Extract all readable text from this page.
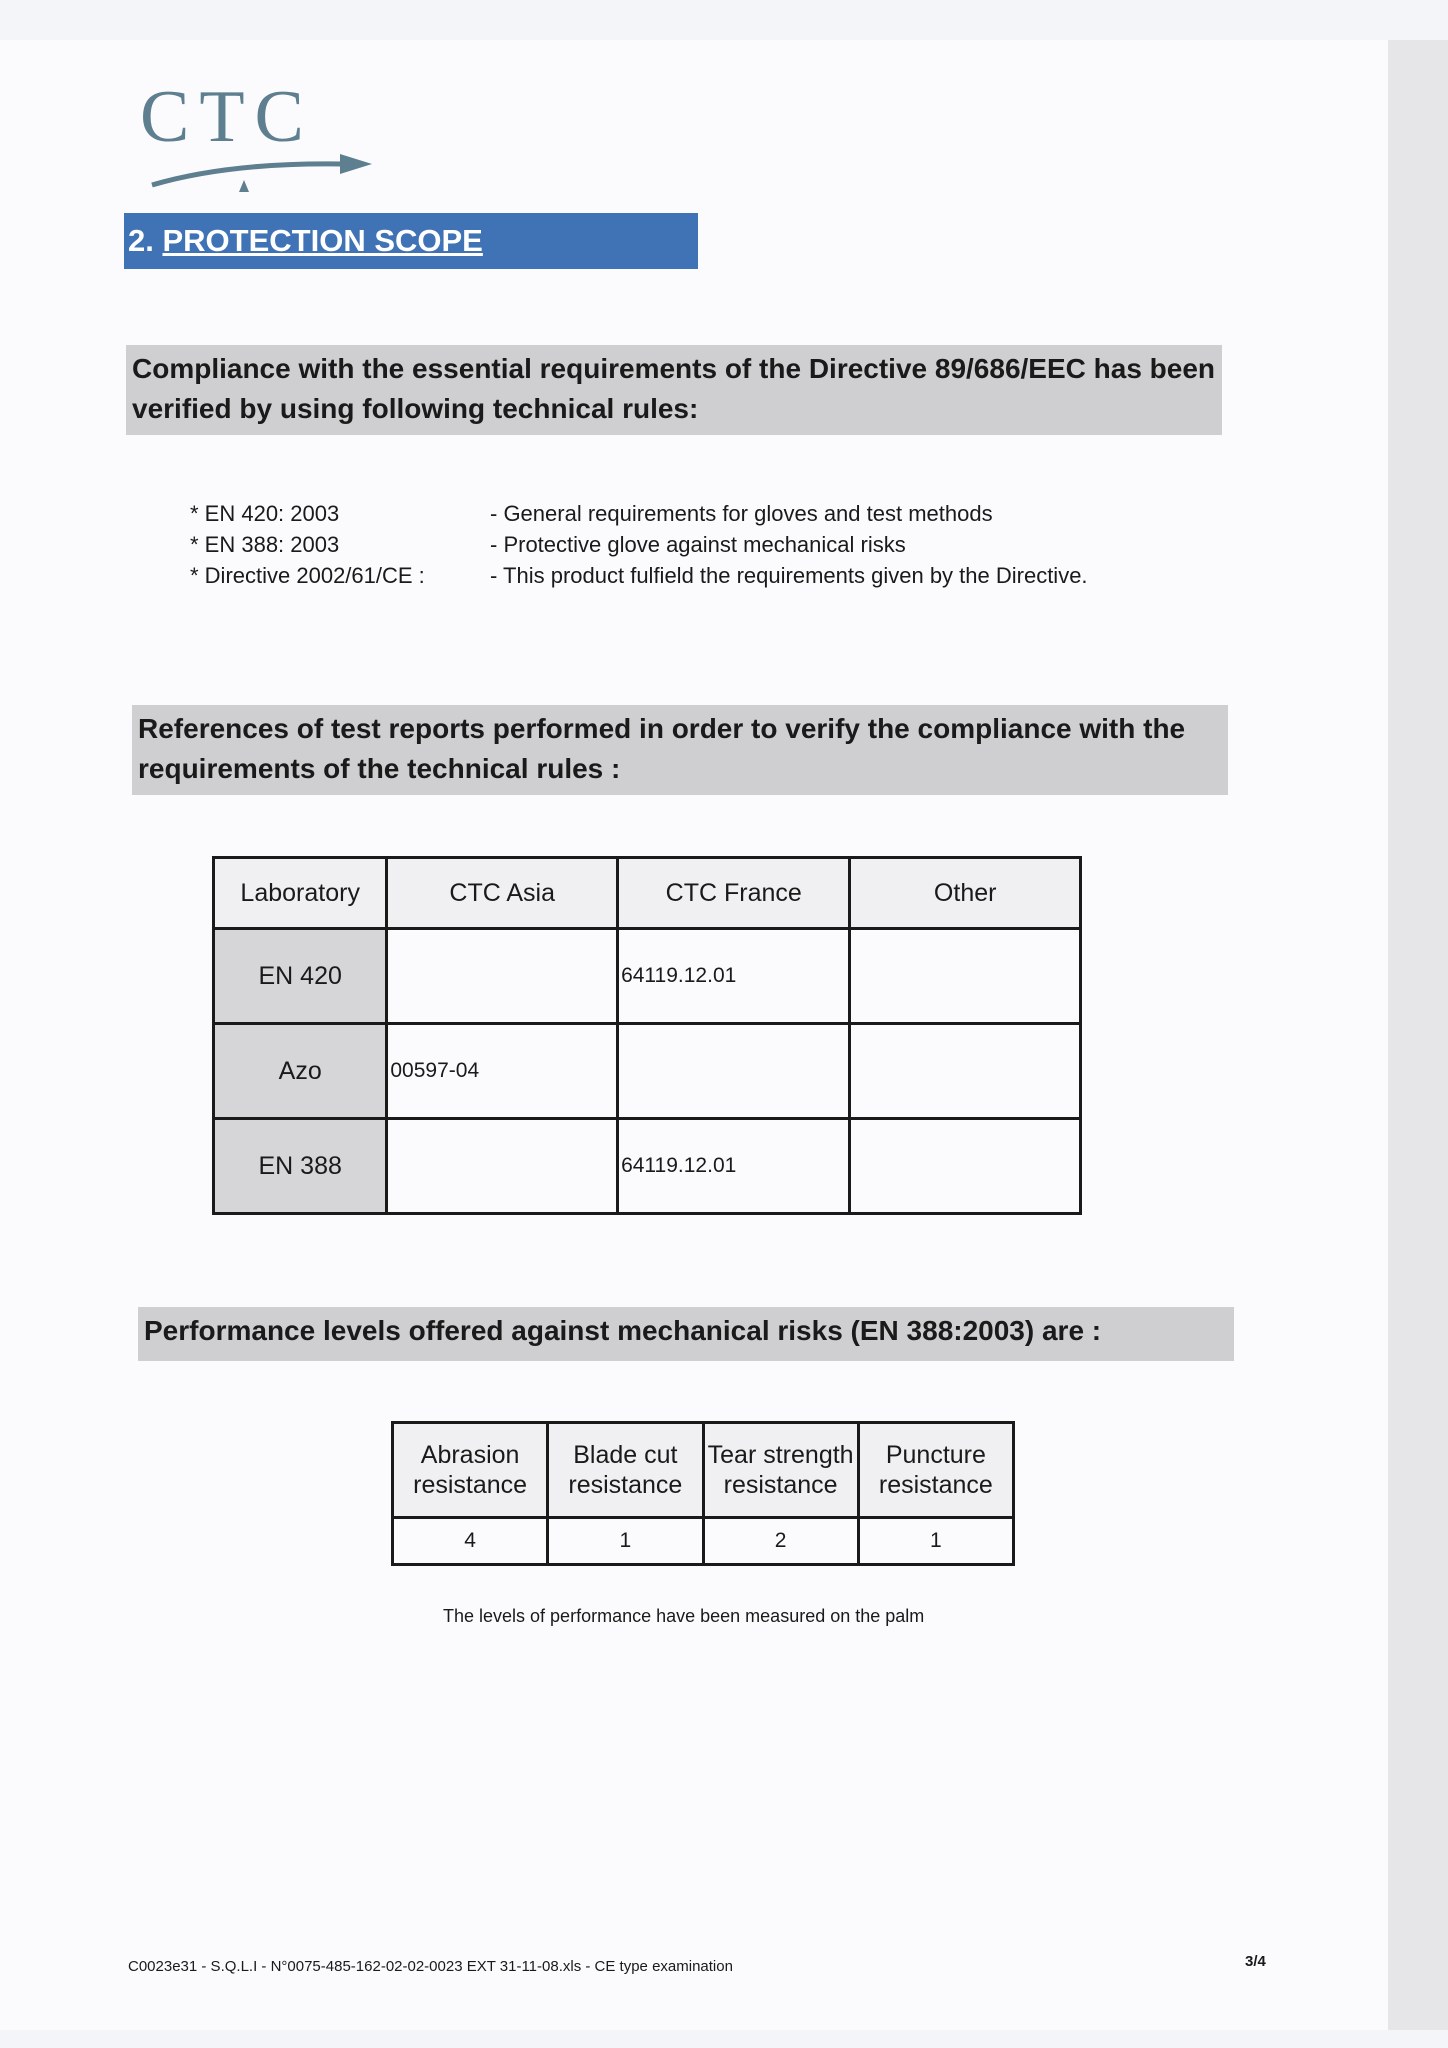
CTC
2. PROTECTION SCOPE
Compliance with the essential requirements of the Directive 89/686/EEC has been verified by using following technical rules:
* EN 420: 2003	- General requirements for gloves and test methods
* EN 388: 2003	- Protective glove against mechanical risks
* Directive 2002/61/CE :	- This product fulfield the requirements given by the Directive.
References of test reports performed in order to verify the compliance with the requirements of the technical rules :
Laboratory	CTC Asia	CTC France	Other
EN 420		64119.12.01	
Azo	00597-04		
EN 388		64119.12.01	
Performance levels offered against mechanical risks (EN 388:2003) are :
Abrasion resistance	Blade cut resistance	Tear strength resistance	Puncture resistance
4	1	2	1
The levels of performance have been measured on the palm
C0023e31 - S.Q.L.I - N°0075-485-162-02-02-0023 EXT 31-11-08.xls - CE type examination	3/4
